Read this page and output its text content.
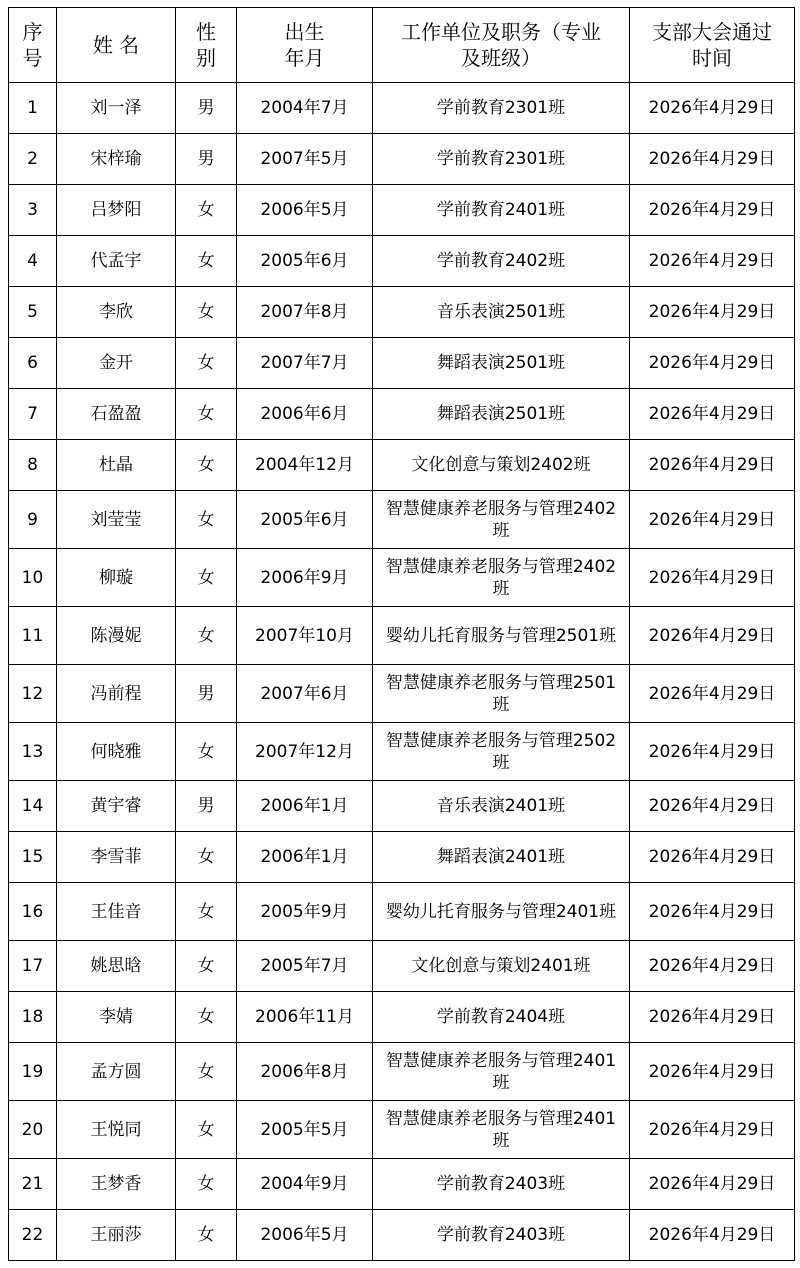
序号	姓 名	性别	出生年月	工作单位及职务（专业及班级）	支部大会通过时间

1	刘一泽	男	2004年7月	学前教育2301班	2026年4月29日
2	宋梓瑜	男	2007年5月	学前教育2301班	2026年4月29日
3	吕梦阳	女	2006年5月	学前教育2401班	2026年4月29日
4	代孟宇	女	2005年6月	学前教育2402班	2026年4月29日
5	李欣	女	2007年8月	音乐表演2501班	2026年4月29日
6	金开	女	2007年7月	舞蹈表演2501班	2026年4月29日
7	石盈盈	女	2006年6月	舞蹈表演2501班	2026年4月29日
8	杜晶	女	2004年12月	文化创意与策划2402班	2026年4月29日
9	刘莹莹	女	2005年6月	智慧健康养老服务与管理2402班	2026年4月29日
10	柳璇	女	2006年9月	智慧健康养老服务与管理2402班	2026年4月29日
11	陈漫妮	女	2007年10月	婴幼儿托育服务与管理2501班	2026年4月29日
12	冯前程	男	2007年6月	智慧健康养老服务与管理2501班	2026年4月29日
13	何晓雅	女	2007年12月	智慧健康养老服务与管理2502班	2026年4月29日
14	黄宇睿	男	2006年1月	音乐表演2401班	2026年4月29日
15	李雪菲	女	2006年1月	舞蹈表演2401班	2026年4月29日
16	王佳音	女	2005年9月	婴幼儿托育服务与管理2401班	2026年4月29日
17	姚思晗	女	2005年7月	文化创意与策划2401班	2026年4月29日
18	李婧	女	2006年11月	学前教育2404班	2026年4月29日
19	孟方圆	女	2006年8月	智慧健康养老服务与管理2401班	2026年4月29日
20	王悦同	女	2005年5月	智慧健康养老服务与管理2401班	2026年4月29日
21	王梦香	女	2004年9月	学前教育2403班	2026年4月29日
22	王丽莎	女	2006年5月	学前教育2403班	2026年4月29日
